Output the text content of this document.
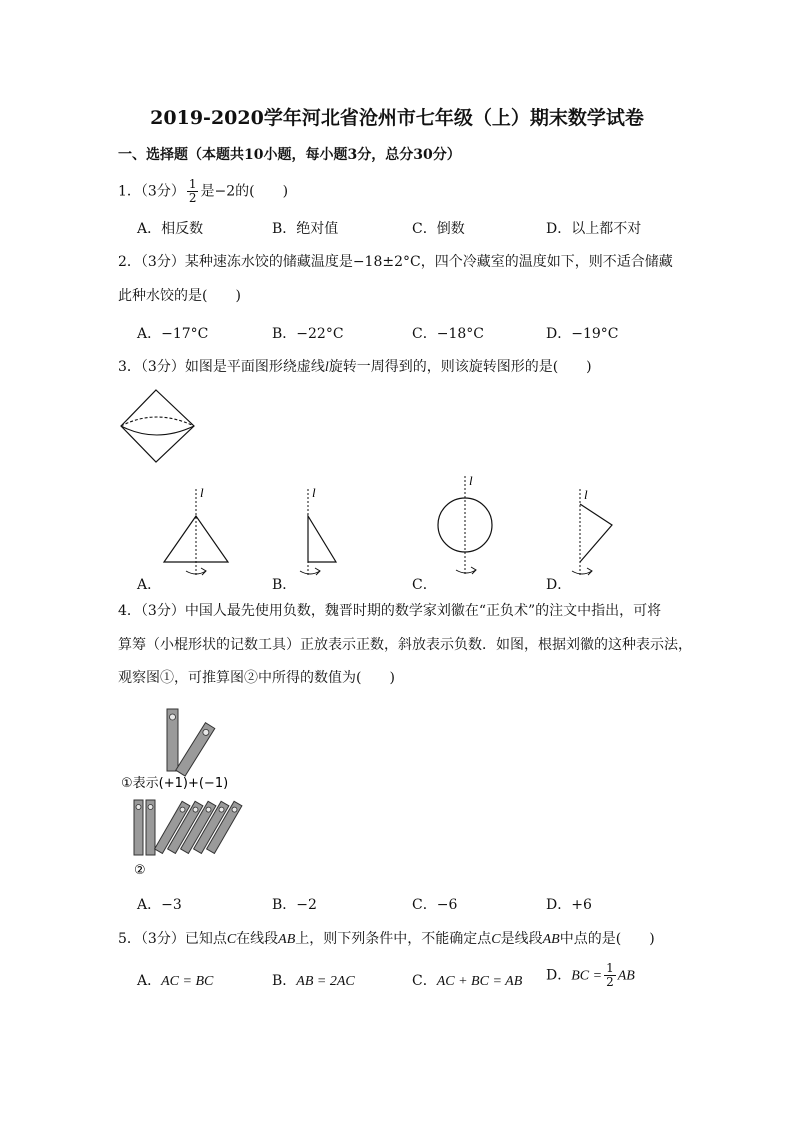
2019-2020学年河北省沧州市七年级（上）期末数学试卷
一、选择题（本题共10小题，每小题3分，总分30分）
1．（3分） $\frac{1}{2}$ 是−2的(　　)
A．相反数	B．绝对值	C．倒数	D．以上都不对
2．（3分）某种速冻水饺的储藏温度是−18±2°C，四个冷藏室的温度如下，则不适合储藏
此种水饺的是(　　)
A．−17°C	B．−22°C	C．−18°C	D．−19°C
3．（3分）如图是平面图形绕虚线l旋转一周得到的，则该旋转图形的是(　　)
l
A．
l
B．
l
C．
l
D．
4．（3分）中国人最先使用负数，魏晋时期的数学家刘徽在“正负术”的注文中指出，可将
算筹（小棍形状的记数工具）正放表示正数，斜放表示负数．如图，根据刘徽的这种表示法，
观察图①，可推算图②中所得的数值为(　　)
①表示(+1)+(−1)
②
A．−3	B．−2	C．−6	D．+6
5．（3分）已知点C在线段AB上，则下列条件中，不能确定点C是线段AB中点的是(　　)
A．AC = BC	B．AB = 2AC	C．AC + BC = AB D．BC = $\frac{1}{2}$ AB
